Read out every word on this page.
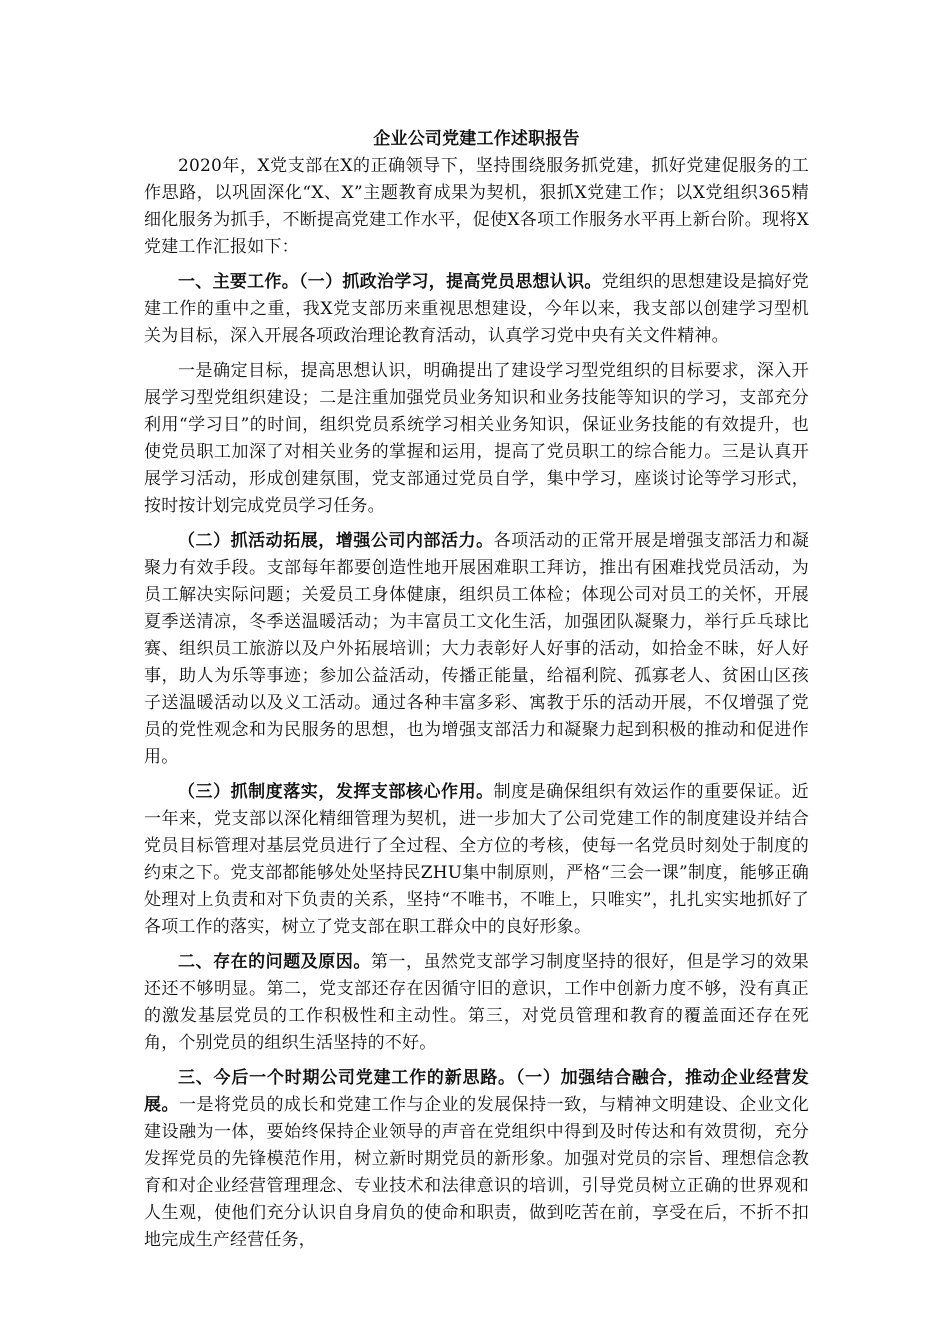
企业公司党建工作述职报告

2020年，X党支部在X的正确领导下，坚持围绕服务抓党建，抓好党建促服务的工作思路，以巩固深化“X、X”主题教育成果为契机，狠抓X党建工作；以X党组织365精细化服务为抓手，不断提高党建工作水平，促使X各项工作服务水平再上新台阶。现将X党建工作汇报如下：

一、主要工作。（一）抓政治学习，提高党员思想认识。党组织的思想建设是搞好党建工作的重中之重，我X党支部历来重视思想建设，今年以来，我支部以创建学习型机关为目标，深入开展各项政治理论教育活动，认真学习党中央有关文件精神。

一是确定目标，提高思想认识，明确提出了建设学习型党组织的目标要求，深入开展学习型党组织建设；二是注重加强党员业务知识和业务技能等知识的学习，支部充分利用“学习日”的时间，组织党员系统学习相关业务知识，保证业务技能的有效提升，也使党员职工加深了对相关业务的掌握和运用，提高了党员职工的综合能力。三是认真开展学习活动，形成创建氛围，党支部通过党员自学，集中学习，座谈讨论等学习形式，按时按计划完成党员学习任务。

（二）抓活动拓展，增强公司内部活力。各项活动的正常开展是增强支部活力和凝聚力有效手段。支部每年都要创造性地开展困难职工拜访，推出有困难找党员活动，为员工解决实际问题；关爱员工身体健康，组织员工体检；体现公司对员工的关怀，开展夏季送清凉，冬季送温暖活动；为丰富员工文化生活，加强团队凝聚力，举行乒乓球比赛、组织员工旅游以及户外拓展培训；大力表彰好人好事的活动，如拾金不昧，好人好事，助人为乐等事迹；参加公益活动，传播正能量，给福利院、孤寡老人、贫困山区孩子送温暖活动以及义工活动。通过各种丰富多彩、寓教于乐的活动开展，不仅增强了党员的党性观念和为民服务的思想，也为增强支部活力和凝聚力起到积极的推动和促进作用。

（三）抓制度落实，发挥支部核心作用。制度是确保组织有效运作的重要保证。近一年来，党支部以深化精细管理为契机，进一步加大了公司党建工作的制度建设并结合党员目标管理对基层党员进行了全过程、全方位的考核，使每一名党员时刻处于制度的约束之下。党支部都能够处处坚持民ZHU集中制原则，严格“三会一课”制度，能够正确处理对上负责和对下负责的关系，坚持“不唯书，不唯上，只唯实”，扎扎实实地抓好了各项工作的落实，树立了党支部在职工群众中的良好形象。

二、存在的问题及原因。第一，虽然党支部学习制度坚持的很好，但是学习的效果还还不够明显。第二，党支部还存在因循守旧的意识，工作中创新力度不够，没有真正的激发基层党员的工作积极性和主动性。第三，对党员管理和教育的覆盖面还存在死角，个别党员的组织生活坚持的不好。

三、今后一个时期公司党建工作的新思路。（一）加强结合融合，推动企业经营发展。一是将党员的成长和党建工作与企业的发展保持一致，与精神文明建设、企业文化建设融为一体，要始终保持企业领导的声音在党组织中得到及时传达和有效贯彻，充分发挥党员的先锋模范作用，树立新时期党员的新形象。加强对党员的宗旨、理想信念教育和对企业经营管理理念、专业技术和法律意识的培训，引导党员树立正确的世界观和人生观，使他们充分认识自身肩负的使命和职责，做到吃苦在前，享受在后，不折不扣地完成生产经营任务，
